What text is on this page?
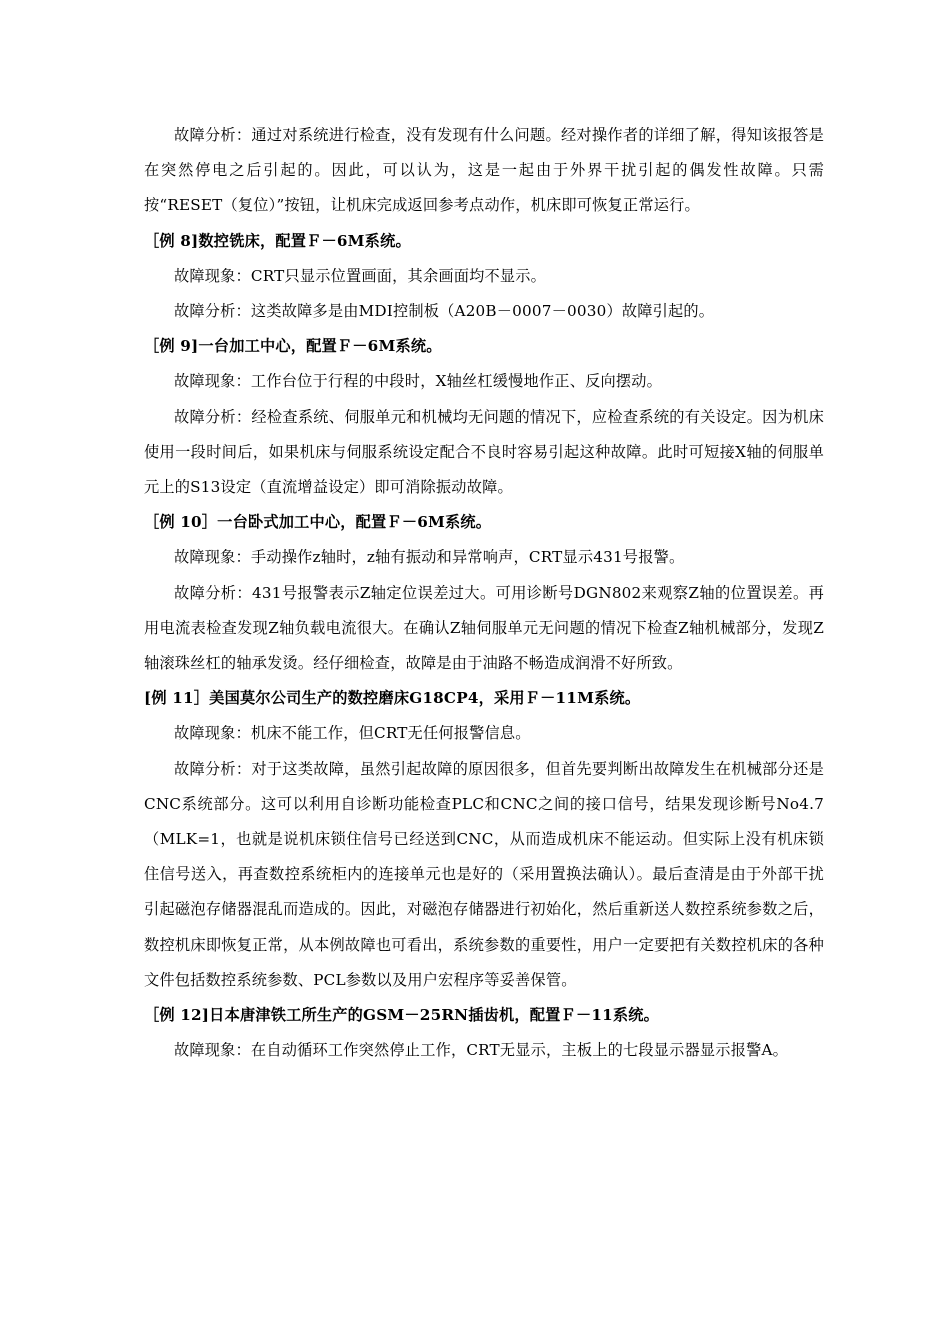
故障分析：通过对系统进行检查，没有发现有什么问题。经对操作者的详细了解，得知该报答是在突然停电之后引起的。因此，可以认为，这是一起由于外界干扰引起的偶发性故障。只需按“RESET（复位）”按钮，让机床完成返回参考点动作，机床即可恢复正常运行。

［例 8]数控铣床，配置Ｆ－6M系统。

故障现象：CRT只显示位置画面，其余画面均不显示。

故障分析：这类故障多是由MDI控制板（A20B－0007－0030）故障引起的。

［例 9]一台加工中心，配置Ｆ－6M系统。

故障现象：工作台位于行程的中段时，X轴丝杠缓慢地作正、反向摆动。

故障分析：经检查系统、伺服单元和机械均无问题的情况下，应检查系统的有关设定。因为机床使用一段时间后，如果机床与伺服系统设定配合不良时容易引起这种故障。此时可短接X轴的伺服单元上的S13设定（直流增益设定）即可消除振动故障。

［例 10］一台卧式加工中心，配置Ｆ－6M系统。

故障现象：手动操作z轴时，z轴有振动和异常响声，CRT显示431号报警。

故障分析：431号报警表示Z轴定位误差过大。可用诊断号DGN802来观察Z轴的位置误差。再用电流表检查发现Z轴负载电流很大。在确认Z轴伺服单元无问题的情况下检查Z轴机械部分，发现Z轴滚珠丝杠的轴承发烫。经仔细检查，故障是由于油路不畅造成润滑不好所致。

[例 11］美国莫尔公司生产的数控磨床G18CP4，采用Ｆ－11M系统。

故障现象：机床不能工作，但CRT无任何报警信息。

故障分析：对于这类故障，虽然引起故障的原因很多，但首先要判断出故障发生在机械部分还是CNC系统部分。这可以利用自诊断功能检查PLC和CNC之间的接口信号，结果发现诊断号No4.7（MLK=1，也就是说机床锁住信号已经送到CNC，从而造成机床不能运动。但实际上没有机床锁住信号送入，再查数控系统柜内的连接单元也是好的（采用置换法确认）。最后查清是由于外部干扰引起磁泡存储器混乱而造成的。因此，对磁泡存储器进行初始化，然后重新送人数控系统参数之后，数控机床即恢复正常，从本例故障也可看出，系统参数的重要性，用户一定要把有关数控机床的各种文件包括数控系统参数、PCL参数以及用户宏程序等妥善保管。

［例 12]日本唐津铁工所生产的GSM－25RN插齿机，配置Ｆ－11系统。

故障现象：在自动循环工作突然停止工作，CRT无显示，主板上的七段显示器显示报警A。
